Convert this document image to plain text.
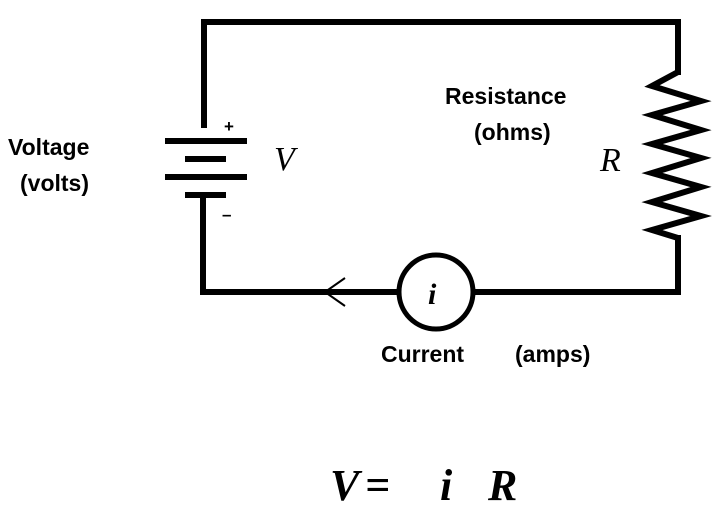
+
–
i
Voltage
(volts)
Resistance
(ohms)
Current (amps)
V	R
V = i R
